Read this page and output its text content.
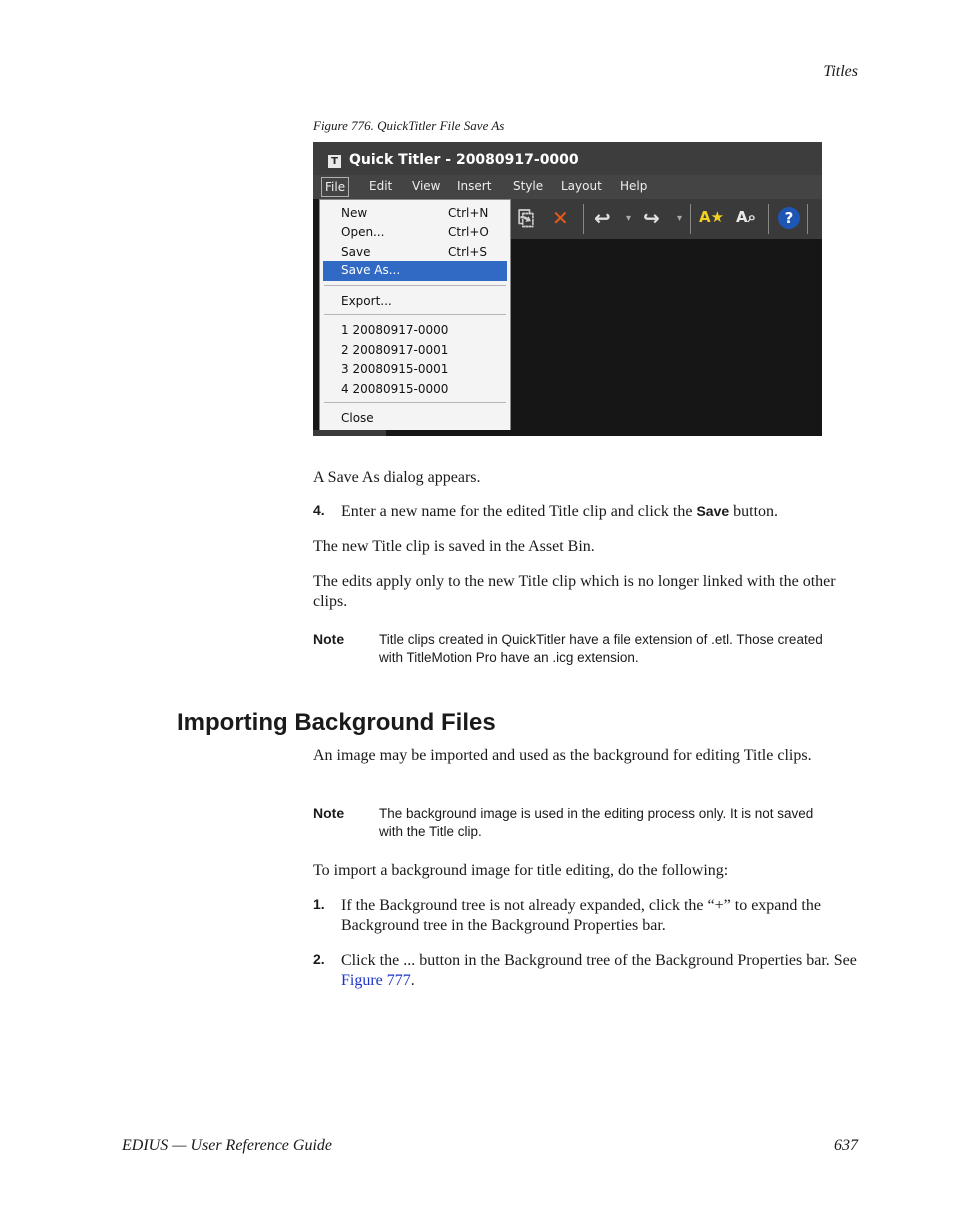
Titles
Figure 776. QuickTitler File Save As
T Quick Titler - 20080917-0000
File	Edit View Insert Style Layout Help
⎘ ✕ ↩ ▾ ↪ ▾ A★ A⌕	?
New	Ctrl+N
Open...	Ctrl+O
Save	Ctrl+S
Save As...
Export...
1 20080917-0000
2 20080917-0001
3 20080915-0001
4 20080915-0000
Close
A Save As dialog appears.
4. Enter a new name for the edited Title clip and click the Save button.
The new Title clip is saved in the Asset Bin.
The edits apply only to the new Title clip which is no longer linked with the other clips.
Note	Title clips created in QuickTitler have a file extension of .etl. Those created with TitleMotion Pro have an .icg extension.
Importing Background Files
An image may be imported and used as the background for editing Title clips.
Note	The background image is used in the editing process only. It is not saved with the Title clip.
To import a background image for title editing, do the following:
1. If the Background tree is not already expanded, click the “+” to expand the Background tree in the Background Properties bar.
2. Click the ... button in the Background tree of the Background Properties bar. See Figure 777.
EDIUS — User Reference Guide	637
